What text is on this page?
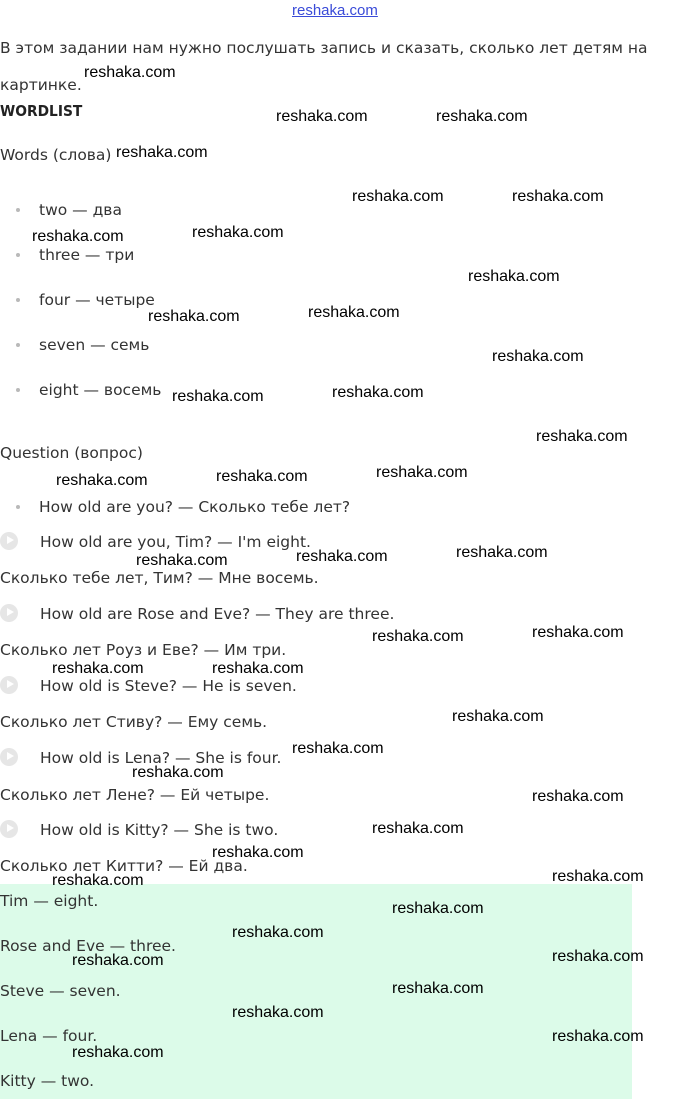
reshaka.com
В этом задании нам нужно послушать запись и сказать, сколько лет детям на картинке.
WORDLIST
Words (слова)
two — два
three — три
four — четыре
seven — семь
eight — восемь
Question (вопрос)
How old are you? — Сколько тебе лет?
How old are you, Tim? — I'm eight.
Сколько тебе лет, Тим? — Мне восемь.
How old are Rose and Eve? — They are three.
Сколько лет Роуз и Еве? — Им три.
How old is Steve? — He is seven.
Сколько лет Стиву? — Ему семь.
How old is Lena? — She is four.
Сколько лет Лене? — Ей четыре.
How old is Kitty? — She is two.
Сколько лет Китти? — Ей два.
Tim — eight.
Rose and Eve — three.
Steve — seven.
Lena — four.
Kitty — two.
reshaka.com
reshaka.com	reshaka.com
reshaka.com
reshaka.com	reshaka.com
reshaka.com	reshaka.com
reshaka.com
reshaka.com	reshaka.com
reshaka.com
reshaka.com	reshaka.com
reshaka.com
reshaka.com	reshaka.com	reshaka.com
reshaka.com	reshaka.com	reshaka.com
reshaka.com	reshaka.com
reshaka.com	reshaka.com
reshaka.com
reshaka.com
reshaka.com
reshaka.com
reshaka.com
reshaka.com
reshaka.com	reshaka.com
reshaka.com
reshaka.com
reshaka.com	reshaka.com
reshaka.com
reshaka.com
reshaka.com
reshaka.com
